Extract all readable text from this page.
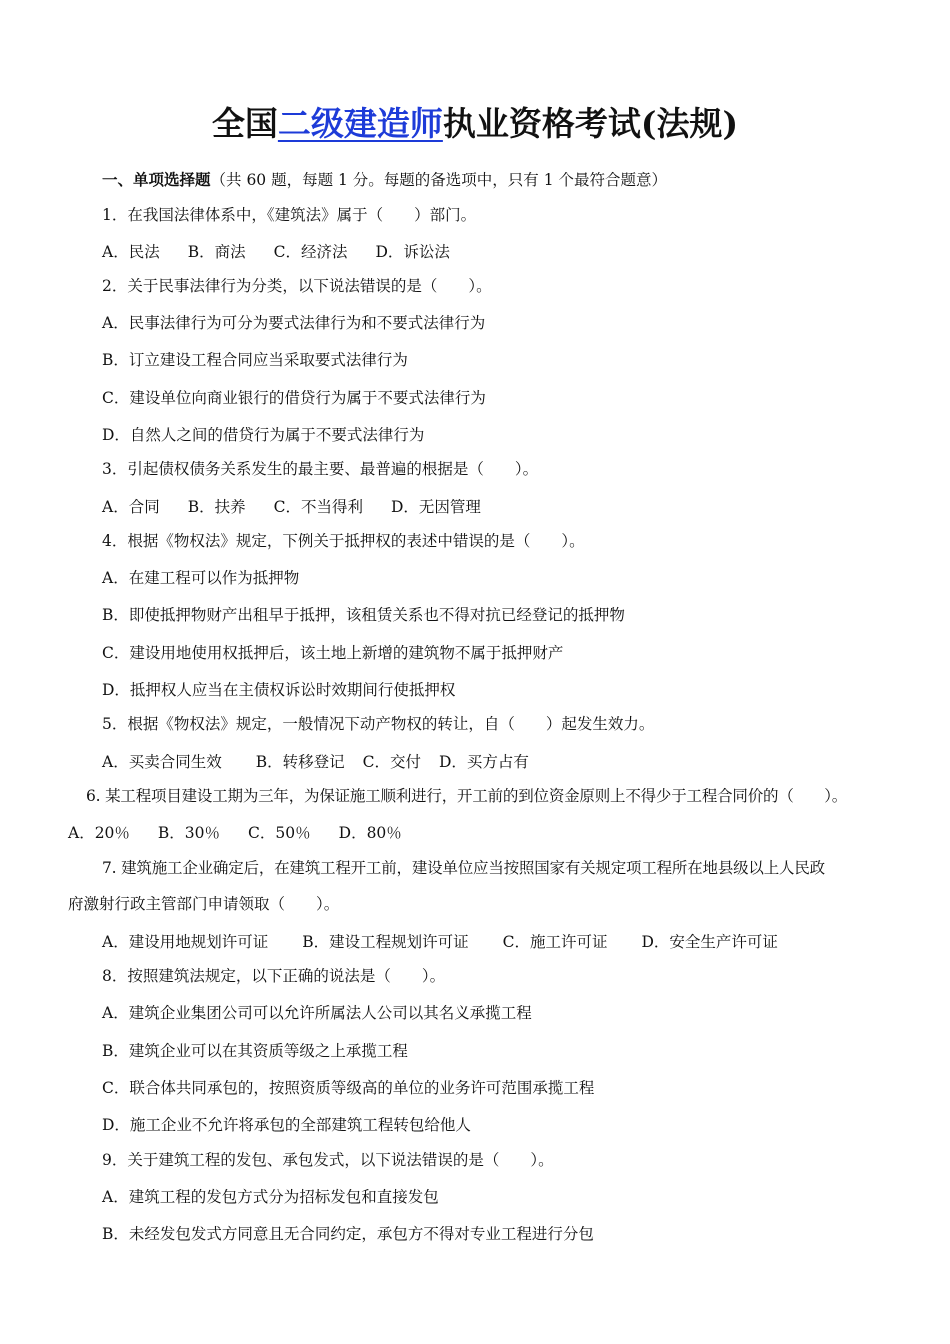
全国二级建造师执业资格考试(法规)
一、单项选择题（共 60 题，每题 1 分。每题的备选项中，只有 1 个最符合题意）
1．在我国法律体系中，《建筑法》属于（　　）部门。
A．民法 B．商法 C．经济法 D．诉讼法
2．关于民事法律行为分类，以下说法错误的是（　　）。
A．民事法律行为可分为要式法律行为和不要式法律行为
B．订立建设工程合同应当采取要式法律行为
C．建设单位向商业银行的借贷行为属于不要式法律行为
D．自然人之间的借贷行为属于不要式法律行为
3．引起债权债务关系发生的最主要、最普遍的根据是（　　）。
A．合同 B．扶养 C．不当得利 D．无因管理
4．根据《物权法》规定，下例关于抵押权的表述中错误的是（　　）。
A．在建工程可以作为抵押物
B．即使抵押物财产出租早于抵押，该租赁关系也不得对抗已经登记的抵押物
C．建设用地使用权抵押后，该土地上新增的建筑物不属于抵押财产
D．抵押权人应当在主债权诉讼时效期间行使抵押权
5．根据《物权法》规定，一般情况下动产物权的转让，自（　　）起发生效力。
A．买卖合同生效 B．转移登记 C．交付 D．买方占有
6. 某工程项目建设工期为三年，为保证施工顺利进行，开工前的到位资金原则上不得少于工程合同价的（　　）。
A．20％ B．30％ C．50％ D．80％
7. 建筑施工企业确定后，在建筑工程开工前，建设单位应当按照国家有关规定项工程所在地县级以上人民政
府激射行政主管部门申请领取（　　）。
A．建设用地规划许可证 B．建设工程规划许可证 C．施工许可证 D．安全生产许可证
8．按照建筑法规定，以下正确的说法是（　　）。
A．建筑企业集团公司可以允许所属法人公司以其名义承揽工程
B．建筑企业可以在其资质等级之上承揽工程
C．联合体共同承包的，按照资质等级高的单位的业务许可范围承揽工程
D．施工企业不允许将承包的全部建筑工程转包给他人
9．关于建筑工程的发包、承包发式，以下说法错误的是（　　）。
A．建筑工程的发包方式分为招标发包和直接发包
B．未经发包发式方同意且无合同约定，承包方不得对专业工程进行分包
